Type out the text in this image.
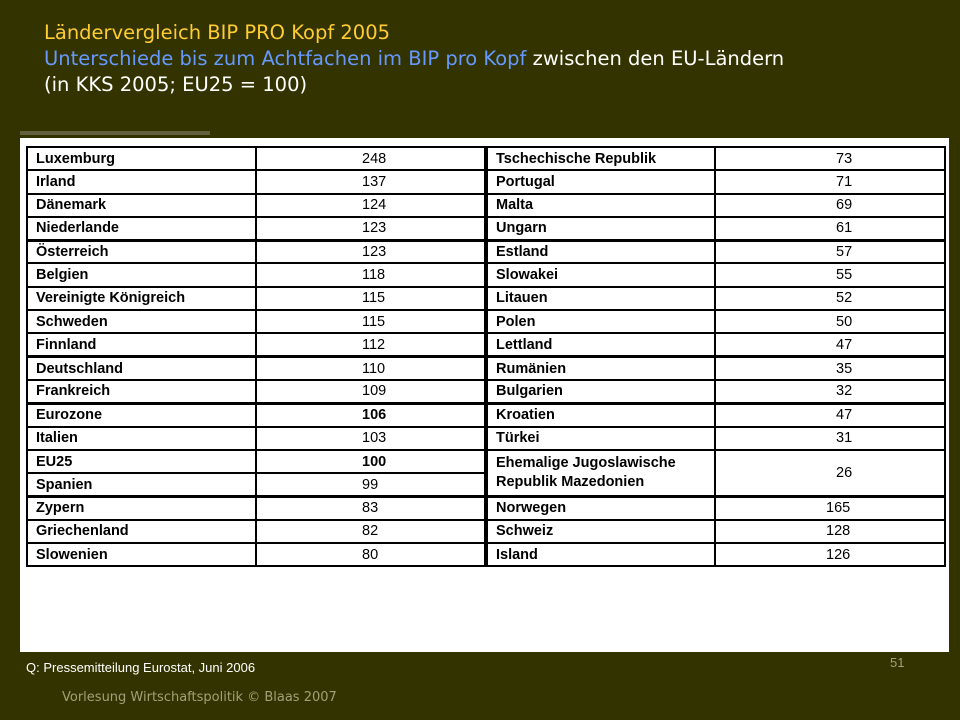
Ländervergleich BIP PRO Kopf 2005
Unterschiede bis zum Achtfachen im BIP pro Kopf zwischen den EU-Ländern
(in KKS 2005; EU25 = 100)
Luxemburg	248		Tschechische Republik	73
Irland	137		Portugal	71
Dänemark	124		Malta	69
Niederlande	123		Ungarn	61
Österreich	123		Estland	57
Belgien	118		Slowakei	55
Vereinigte Königreich	115		Litauen	52
Schweden	115		Polen	50
Finnland	112		Lettland	47
Deutschland	110		Rumänien	35
Frankreich	109		Bulgarien	32
Eurozone	106		Kroatien	47
Italien	103		Türkei	31
EU25	100		Ehemalige Jugoslawische Republik Mazedonien	26
Spanien	99			
Zypern	83		Norwegen	165
Griechenland	82		Schweiz	128
Slowenien	80		Island	126
Q: Pressemitteilung Eurostat, Juni 2006	51
Vorlesung Wirtschaftspolitik © Blaas 2007
